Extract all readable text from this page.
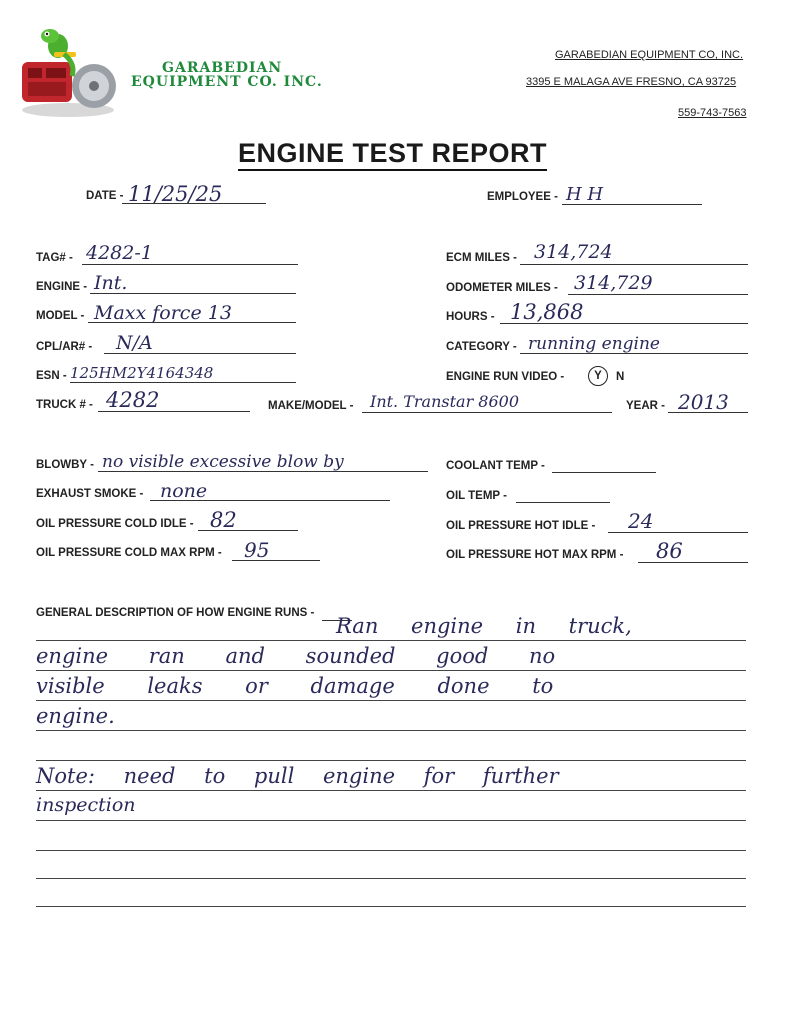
GARABEDIAN
EQUIPMENT CO. INC.
GARABEDIAN EQUIPMENT CO, INC.
3395 E MALAGA AVE FRESNO, CA 93725
559-743-7563
ENGINE TEST REPORT
DATE - 11/25/25	EMPLOYEE - H H
TAG# - 4282-1
ENGINE - Int.
MODEL - Maxx force 13
CPL/AR# - N/A
ESN - 125HM2Y4164348
TRUCK # - 4282	MAKE/MODEL - Int. Transtar 8600	YEAR - 2013
ECM MILES - 314,724
ODOMETER MILES - 314,729
HOURS - 13,868
CATEGORY - running engine
ENGINE RUN VIDEO -	Y	N
BLOWBY - no visible excessive blow by
EXHAUST SMOKE - none
OIL PRESSURE COLD IDLE - 82
OIL PRESSURE COLD MAX RPM - 95
COOLANT TEMP -
OIL TEMP -
OIL PRESSURE HOT IDLE - 24
OIL PRESSURE HOT MAX RPM - 86
GENERAL DESCRIPTION OF HOW ENGINE RUNS -
Ran engine in truck,
engine ran and sounded good no
visible leaks or damage done to
engine.
Note: need to pull engine for further
inspection
